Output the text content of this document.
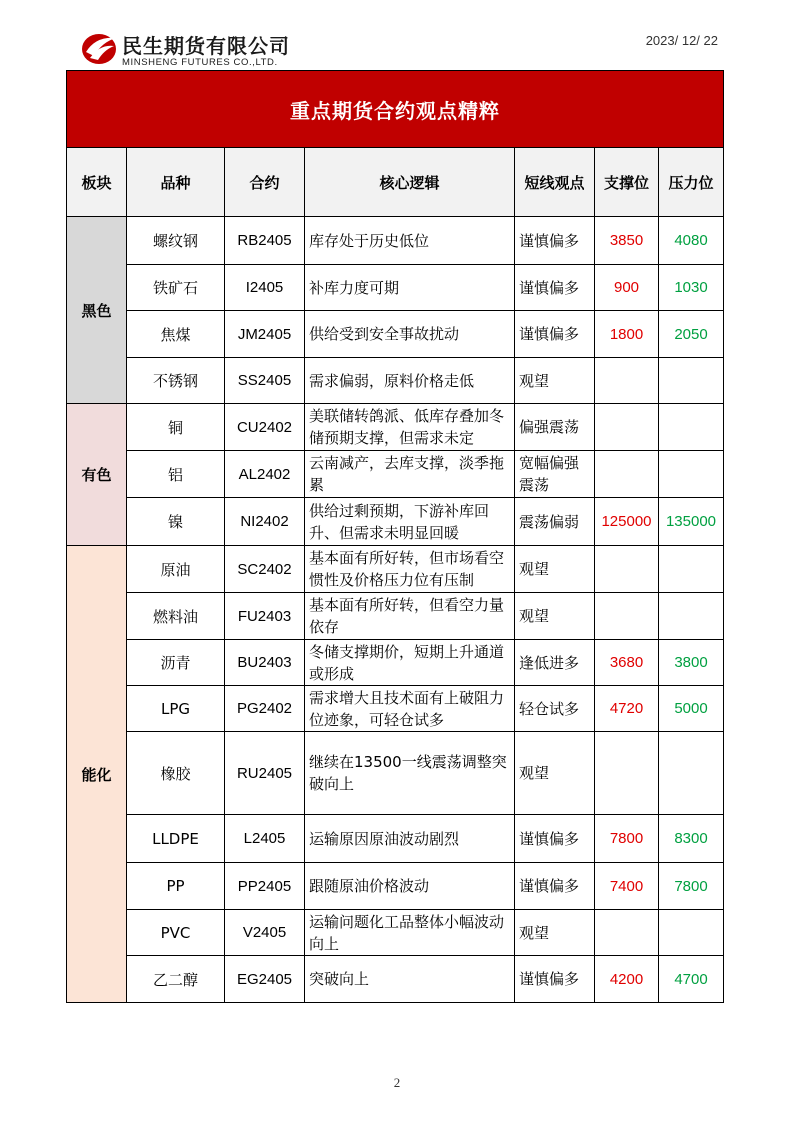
民生期货有限公司
MINSHENG FUTURES CO.,LTD.
2023/ 12/ 22
重点期货合约观点精粹						
板块	品种	合约	核心逻辑	短线观点	支撑位	压力位
黑色	螺纹钢	RB2405	库存处于历史低位	谨慎偏多	3850	4080
	铁矿石	I2405	补库力度可期	谨慎偏多	900	1030
	焦煤	JM2405	供给受到安全事故扰动	谨慎偏多	1800	2050
	不锈钢	SS2405	需求偏弱，原料价格走低	观望		
有色	铜	CU2402	美联储转鸽派、低库存叠加冬储预期支撑，但需求未定	偏强震荡		
	铝	AL2402	云南减产，去库支撑，淡季拖累	宽幅偏强震荡		
	镍	NI2402	供给过剩预期，下游补库回升、但需求未明显回暖	震荡偏弱	125000	135000
能化	原油	SC2402	基本面有所好转，但市场看空惯性及价格压力位有压制	观望		
	燃料油	FU2403	基本面有所好转，但看空力量依存	观望		
	沥青	BU2403	冬储支撑期价，短期上升通道或形成	逢低进多	3680	3800
	LPG	PG2402	需求增大且技术面有上破阻力位迹象，可轻仓试多	轻仓试多	4720	5000
	橡胶	RU2405	继续在13500一线震荡调整突破向上	观望		
	LLDPE	L2405	运输原因原油波动剧烈	谨慎偏多	7800	8300
	PP	PP2405	跟随原油价格波动	谨慎偏多	7400	7800
	PVC	V2405	运输问题化工品整体小幅波动向上	观望		
	乙二醇	EG2405	突破向上	谨慎偏多	4200	4700
2
